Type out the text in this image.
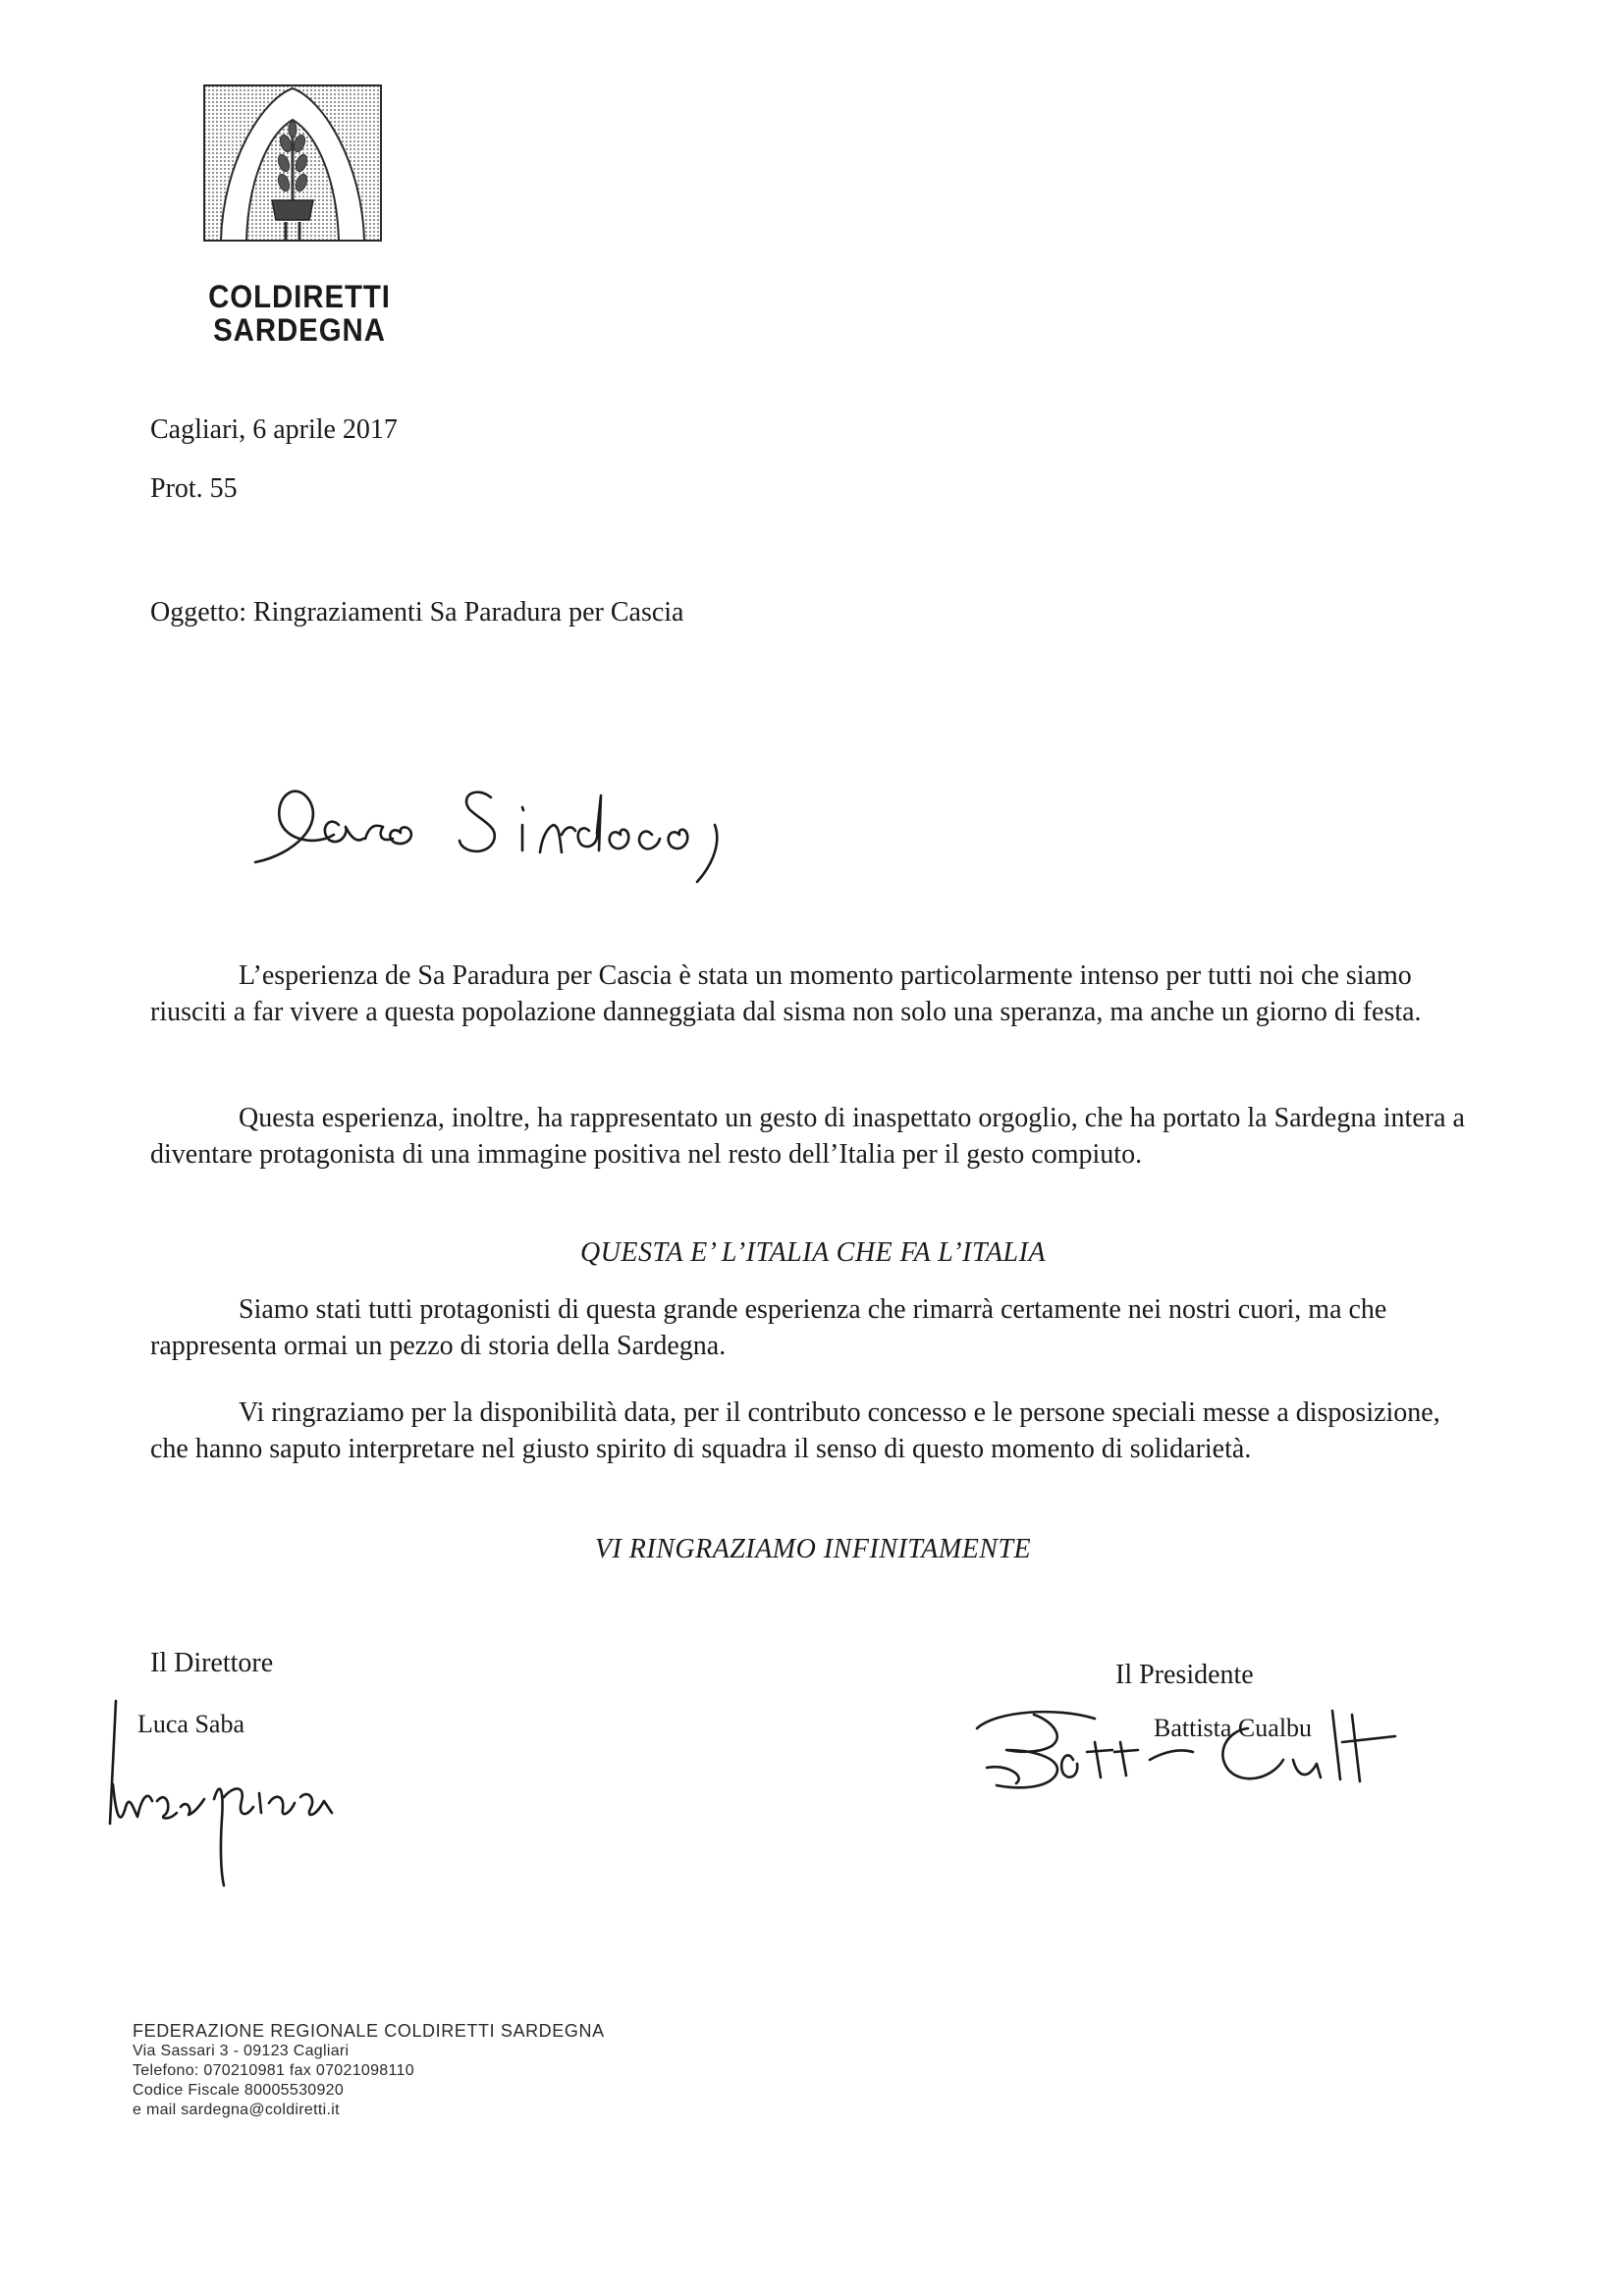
COLDIRETTI
SARDEGNA
Cagliari, 6 aprile 2017
Prot. 55
Oggetto: Ringraziamenti Sa Paradura per Cascia
L’esperienza de Sa Paradura per Cascia è stata un momento particolarmente intenso per tutti noi che siamo riusciti a far vivere a questa popolazione danneggiata dal sisma non solo una speranza, ma anche un giorno di festa.
Questa esperienza, inoltre, ha rappresentato un gesto di inaspettato orgoglio, che ha portato la Sardegna intera a diventare protagonista di una immagine positiva nel resto dell’Italia per il gesto compiuto.
QUESTA E’ L’ITALIA CHE FA L’ITALIA
Siamo stati tutti protagonisti di questa grande esperienza che rimarrà certamente nei nostri cuori, ma che rappresenta ormai un pezzo di storia della Sardegna.
Vi ringraziamo per la disponibilità data, per il contributo concesso e le persone speciali messe a disposizione, che hanno saputo interpretare nel giusto spirito di squadra il senso di questo momento di solidarietà.
VI RINGRAZIAMO INFINITAMENTE
Il Direttore
Luca Saba
Il Presidente
Battista Cualbu
FEDERAZIONE REGIONALE COLDIRETTI SARDEGNA
Via Sassari 3 - 09123 Cagliari
Telefono: 070210981 fax 07021098110
Codice Fiscale 80005530920
e mail sardegna@coldiretti.it
